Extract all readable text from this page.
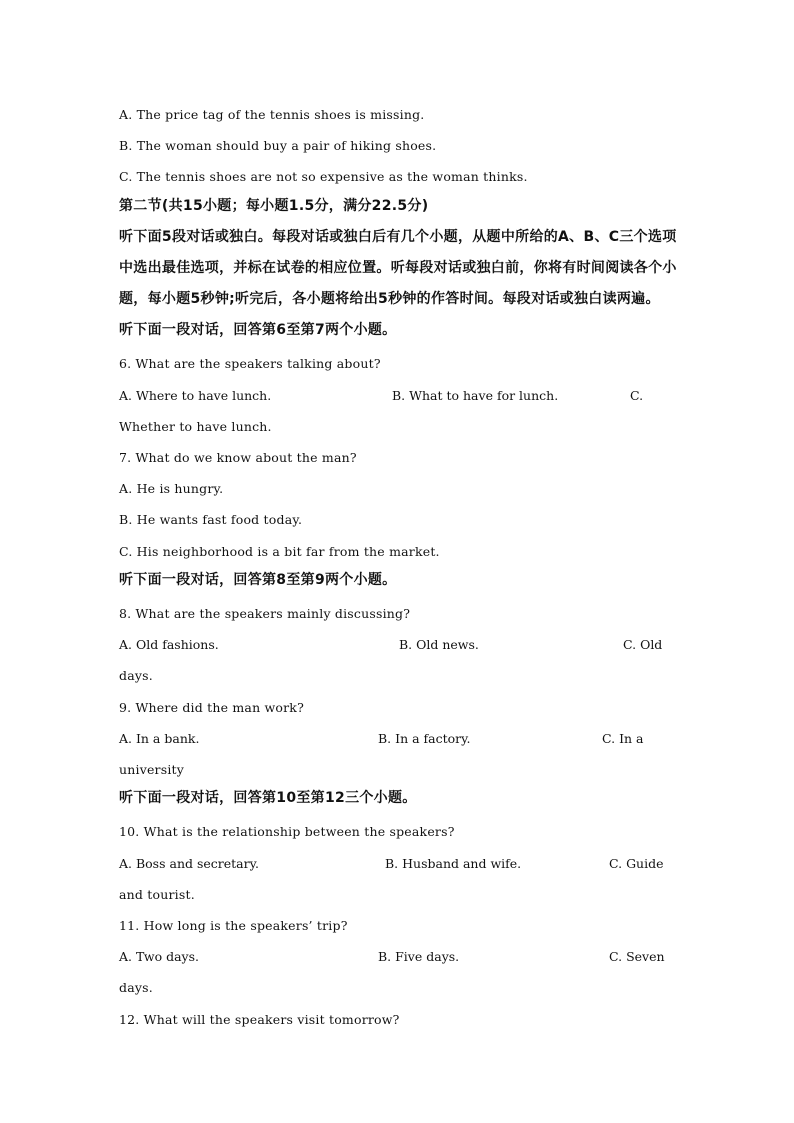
A. The price tag of the tennis shoes is missing.
B. The woman should buy a pair of hiking shoes.
C. The tennis shoes are not so expensive as the woman thinks.
第二节(共15小题；每小题1.5分，满分22.5分)
听下面5段对话或独白。每段对话或独白后有几个小题，从题中所给的A、B、C三个选项
中选出最佳选项，并标在试卷的相应位置。听每段对话或独白前，你将有时间阅读各个小
题，每小题5秒钟;听完后，各小题将给出5秒钟的作答时间。每段对话或独白读两遍。
听下面一段对话，回答第6至第7两个小题。
6. What are the speakers talking about?
A. Where to have lunch.	B. What to have for lunch.	C.
Whether to have lunch.
7. What do we know about the man?
A. He is hungry.
B. He wants fast food today.
C. His neighborhood is a bit far from the market.
听下面一段对话，回答第8至第9两个小题。
8. What are the speakers mainly discussing?
A. Old fashions.	B. Old news.	C. Old
days.
9. Where did the man work?
A. In a bank.	B. In a factory.	C. In a
university
听下面一段对话，回答第10至第12三个小题。
10. What is the relationship between the speakers?
A. Boss and secretary.	B. Husband and wife.	C. Guide
and tourist.
11. How long is the speakers’ trip?
A. Two days.	B. Five days.	C. Seven
days.
12. What will the speakers visit tomorrow?
